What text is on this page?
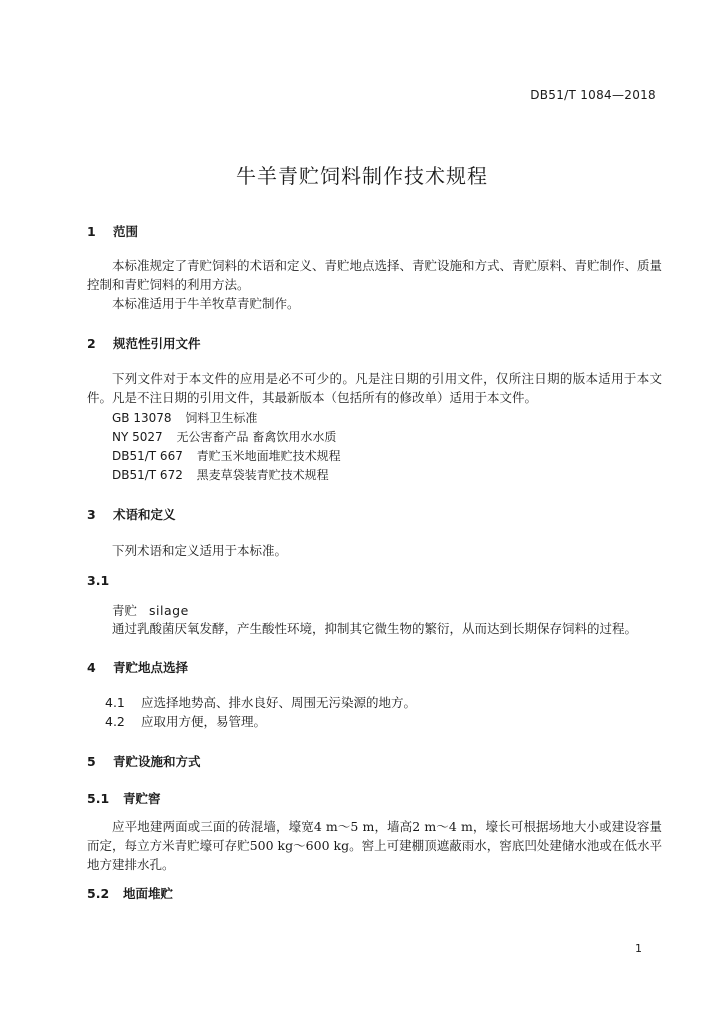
DB51/T 1084—2018
牛羊青贮饲料制作技术规程
1 范围
本标准规定了青贮饲料的术语和定义、青贮地点选择、青贮设施和方式、青贮原料、青贮制作、质量控制和青贮饲料的利用方法。
本标准适用于牛羊牧草青贮制作。
2 规范性引用文件
下列文件对于本文件的应用是必不可少的。凡是注日期的引用文件，仅所注日期的版本适用于本文件。凡是不注日期的引用文件，其最新版本（包括所有的修改单）适用于本文件。
GB 13078 饲料卫生标准
NY 5027 无公害畜产品 畜禽饮用水水质
DB51/T 667 青贮玉米地面堆贮技术规程
DB51/T 672 黑麦草袋装青贮技术规程
3 术语和定义
下列术语和定义适用于本标准。
3.1
青贮 silage
通过乳酸菌厌氧发酵，产生酸性环境，抑制其它微生物的繁衍，从而达到长期保存饲料的过程。
4 青贮地点选择
4.1 应选择地势高、排水良好、周围无污染源的地方。
4.2 应取用方便，易管理。
5 青贮设施和方式
5.1 青贮窖
应平地建两面或三面的砖混墙，壕宽4 m～5 m，墙高2 m～4 m，壕长可根据场地大小或建设容量而定，每立方米青贮壕可存贮500 kg～600 kg。窖上可建棚顶遮蔽雨水，窖底凹处建储水池或在低水平地方建排水孔。
5.2 地面堆贮
1
